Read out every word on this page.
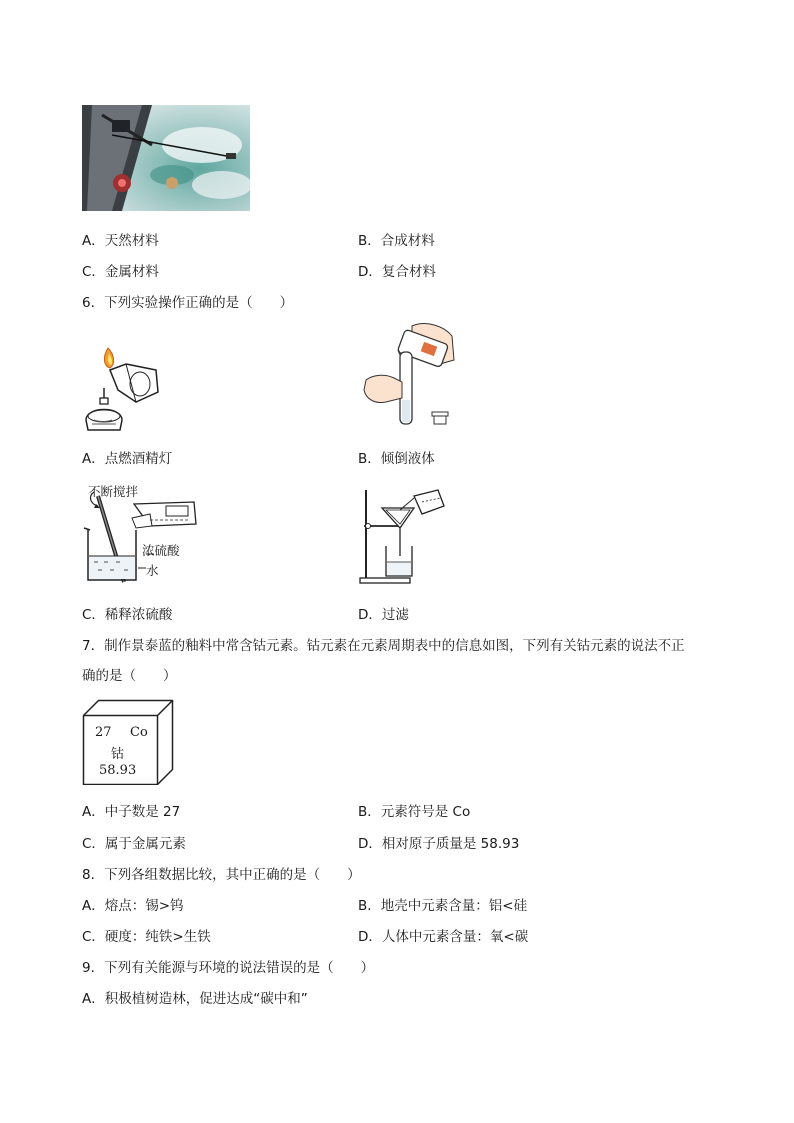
A．天然材料	B．合成材料
C．金属材料	D．复合材料
6．下列实验操作正确的是（　　）
A．点燃酒精灯	B．倾倒液体
不断搅拌
浓硫酸
水
C．稀释浓硫酸	D．过滤
7．制作景泰蓝的釉料中常含钴元素。钴元素在元素周期表中的信息如图，下列有关钴元素的说法不正
确的是（　　）
27 Co
钴
58.93
A．中子数是 27	B．元素符号是 Co
C．属于金属元素	D．相对原子质量是 58.93
8．下列各组数据比较，其中正确的是（　　）
A．熔点：锡>钨	B．地壳中元素含量：铝<硅
C．硬度：纯铁>生铁	D．人体中元素含量：氧<碳
9．下列有关能源与环境的说法错误的是（　　）
A．积极植树造林，促进达成“碳中和”
